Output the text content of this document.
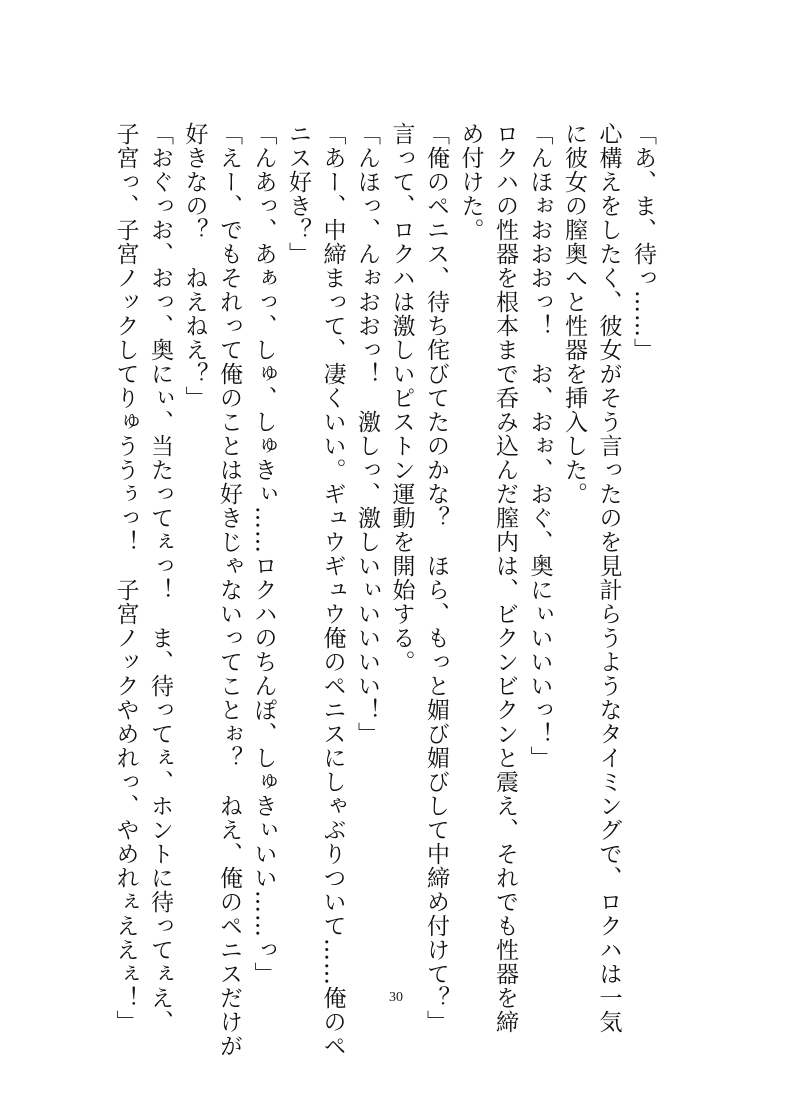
「あ、ま、待っ……」
心構えをしたく、彼女がそう言ったのを見計らうようなタイミングで、ロクハは一気
に彼女の膣奥へと性器を挿入した。
「んほぉおおおっ！　お、おぉ、おぐ、奥にぃいいいっ！」
ロクハの性器を根本まで呑み込んだ膣内は、ビクンビクンと震え、それでも性器を締
め付けた。
「俺のペニス、待ち侘びてたのかな？　ほら、もっと媚び媚びして中締め付けて？」
言って、ロクハは激しいピストン運動を開始する。
「んほっ、んぉおおっ！　激しっ、激しいぃいいいい！」
「あー、中締まって、凄くいい。ギュウギュウ俺のペニスにしゃぶりついて……俺のペ
ニス好き？」
「んあっ、あぁっ、しゅ、しゅきぃ……ロクハのちんぽ、しゅきぃいい……っ」
「えー、でもそれって俺のことは好きじゃないってことぉ？　ねえ、俺のペニスだけが
好きなの？　ねえねえ？」
「おぐっお、おっ、奥にぃ、当たってぇっ！　ま、待ってぇ、ホントに待ってぇえ、
子宮っ、子宮ノックしてりゅううぅっ！　子宮ノックやめれっ、やめれぇええぇ！」	30
